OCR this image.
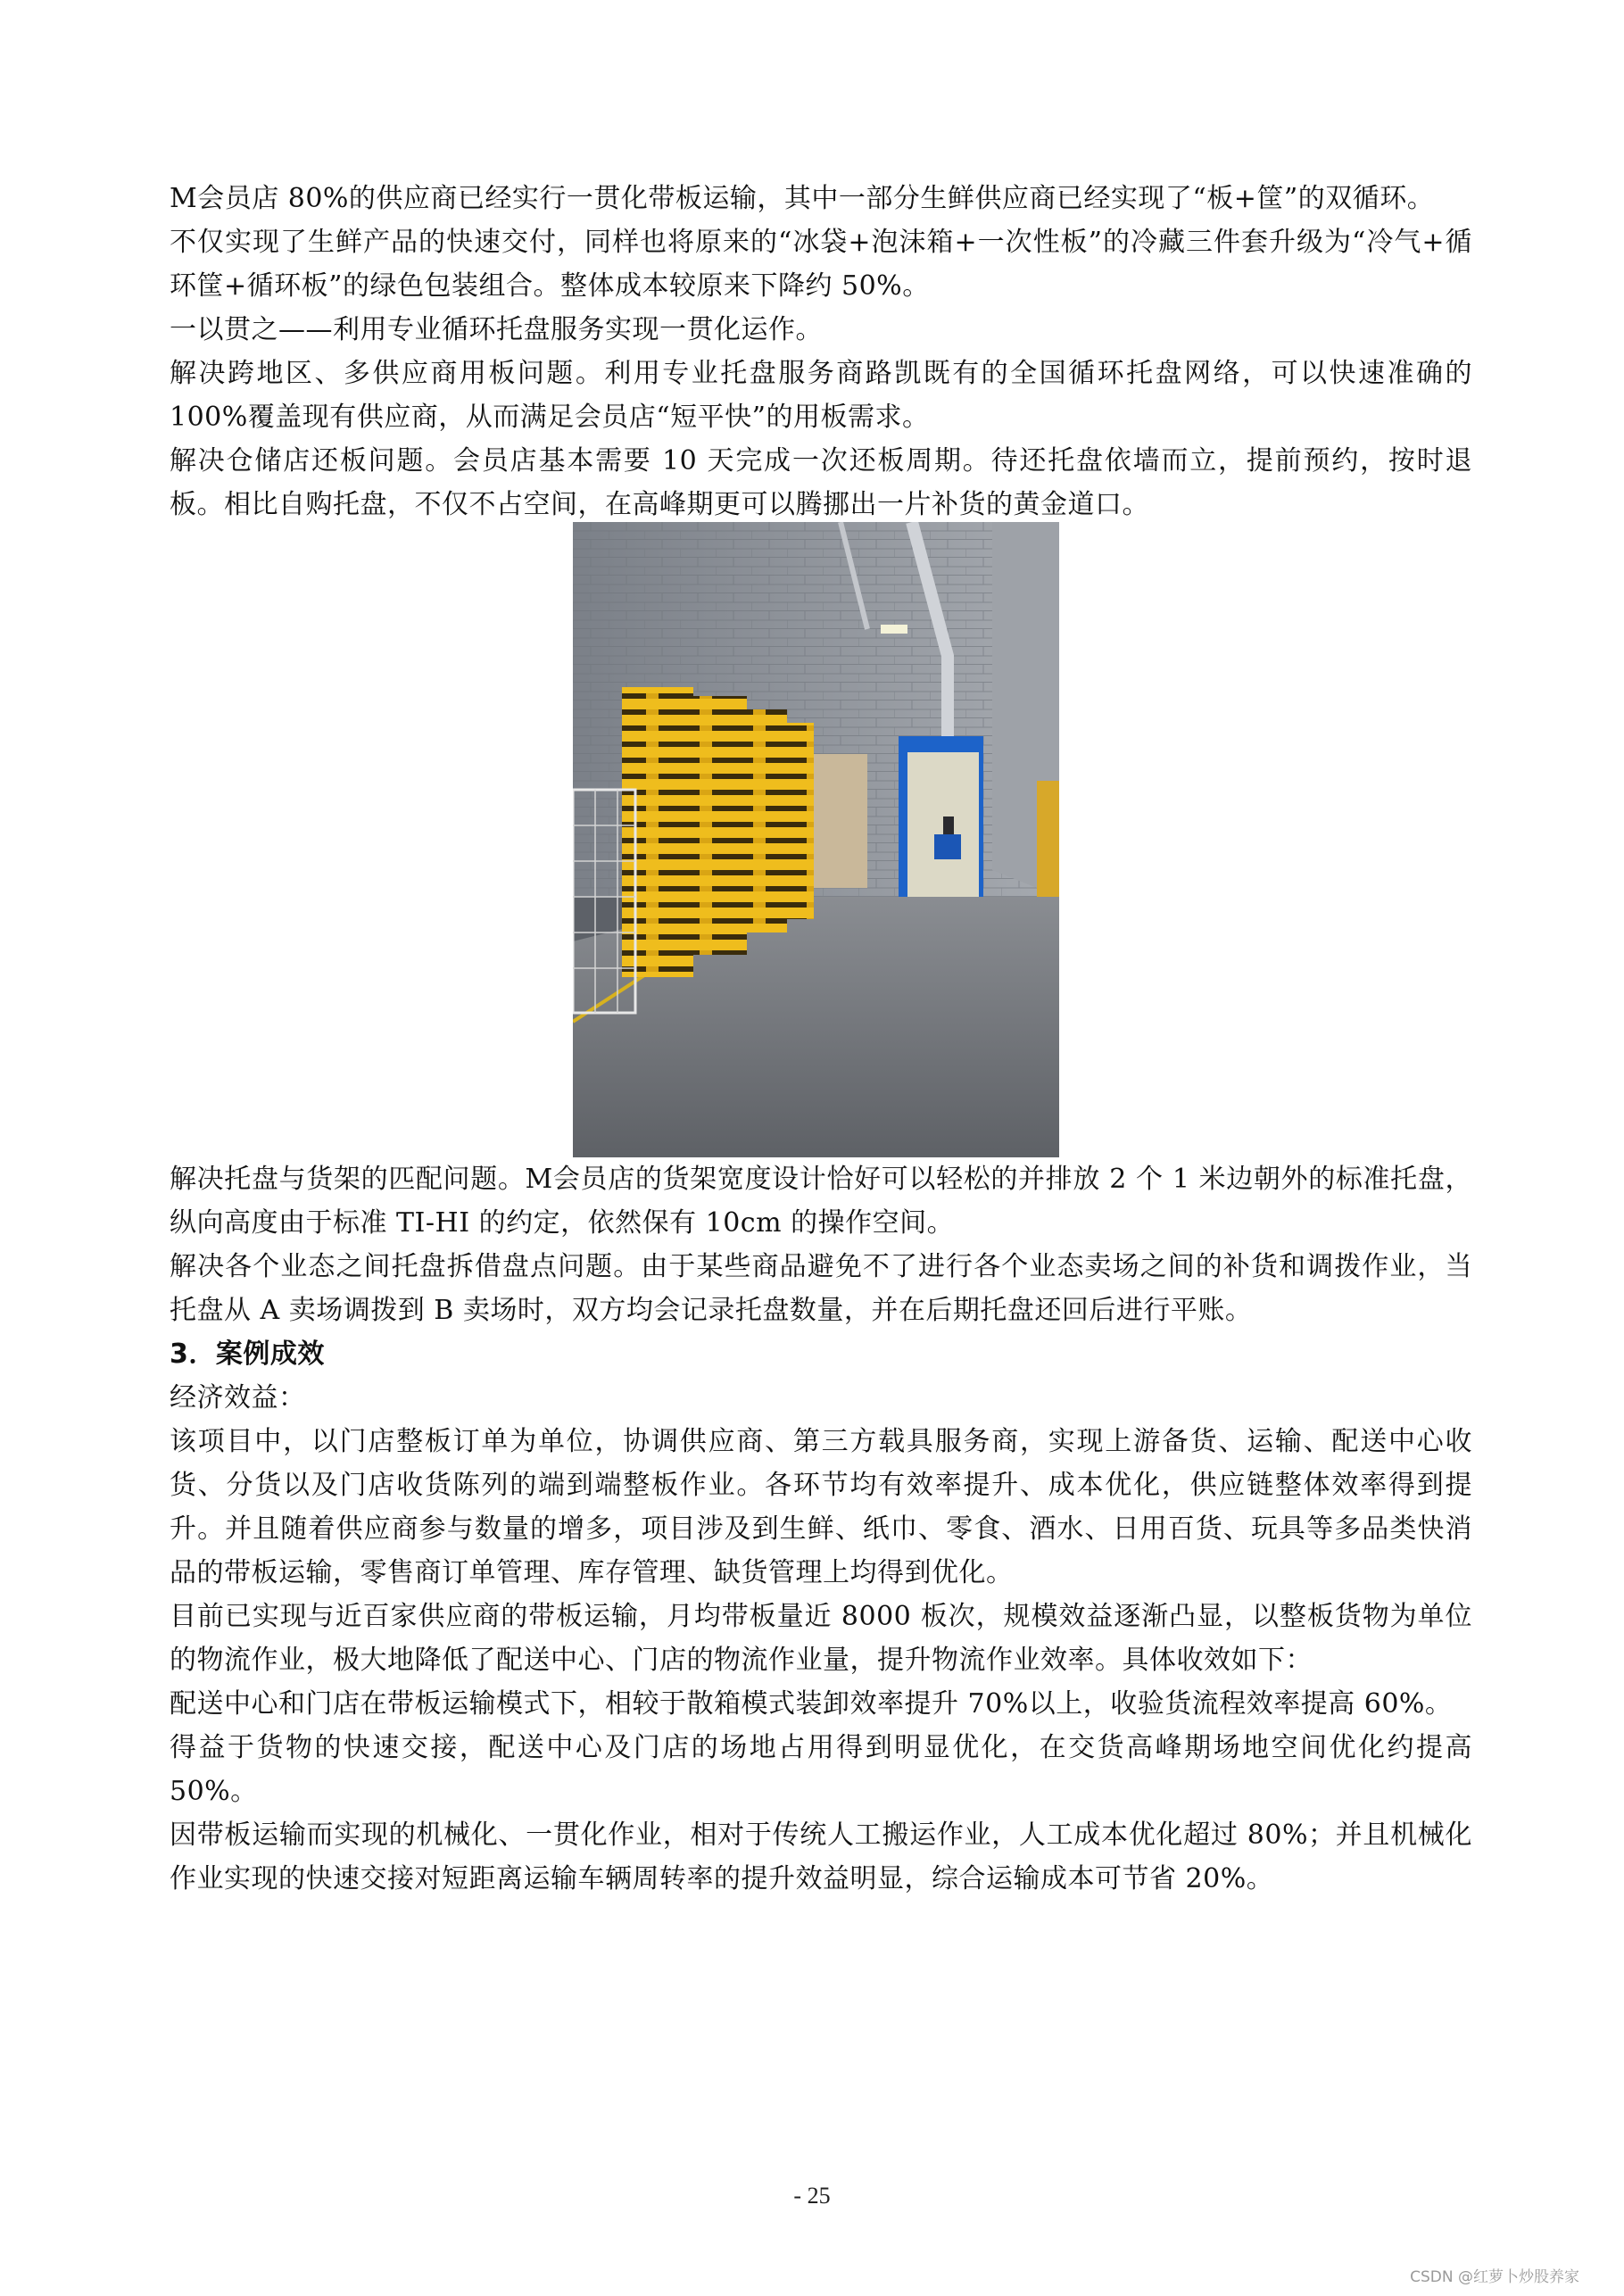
M会员店 80%的供应商已经实行一贯化带板运输，其中一部分生鲜供应商已经实现了“板+筐”的双循环。

不仅实现了生鲜产品的快速交付，同样也将原来的“冰袋+泡沫箱+一次性板”的冷藏三件套升级为“冷气+循环筐+循环板”的绿色包装组合。整体成本较原来下降约 50%。

一以贯之——利用专业循环托盘服务实现一贯化运作。

解决跨地区、多供应商用板问题。利用专业托盘服务商路凯既有的全国循环托盘网络，可以快速准确的 100%覆盖现有供应商，从而满足会员店“短平快”的用板需求。

解决仓储店还板问题。会员店基本需要 10 天完成一次还板周期。待还托盘依墙而立，提前预约，按时退板。相比自购托盘，不仅不占空间，在高峰期更可以腾挪出一片补货的黄金道口。

解决托盘与货架的匹配问题。M会员店的货架宽度设计恰好可以轻松的并排放 2 个 1 米边朝外的标准托盘，纵向高度由于标准 TI-HI 的约定，依然保有 10cm 的操作空间。

解决各个业态之间托盘拆借盘点问题。由于某些商品避免不了进行各个业态卖场之间的补货和调拨作业，当托盘从 A 卖场调拨到 B 卖场时，双方均会记录托盘数量，并在后期托盘还回后进行平账。

3．案例成效

经济效益：

该项目中，以门店整板订单为单位，协调供应商、第三方载具服务商，实现上游备货、运输、配送中心收货、分货以及门店收货陈列的端到端整板作业。各环节均有效率提升、成本优化，供应链整体效率得到提升。并且随着供应商参与数量的增多，项目涉及到生鲜、纸巾、零食、酒水、日用百货、玩具等多品类快消品的带板运输，零售商订单管理、库存管理、缺货管理上均得到优化。

目前已实现与近百家供应商的带板运输，月均带板量近 8000 板次，规模效益逐渐凸显，以整板货物为单位的物流作业，极大地降低了配送中心、门店的物流作业量，提升物流作业效率。具体收效如下：

配送中心和门店在带板运输模式下，相较于散箱模式装卸效率提升 70%以上，收验货流程效率提高 60%。

得益于货物的快速交接，配送中心及门店的场地占用得到明显优化，在交货高峰期场地空间优化约提高 50%。

因带板运输而实现的机械化、一贯化作业，相对于传统人工搬运作业，人工成本优化超过 80%；并且机械化作业实现的快速交接对短距离运输车辆周转率的提升效益明显，综合运输成本可节省 20%。

- 25
CSDN @红萝卜炒股养家
